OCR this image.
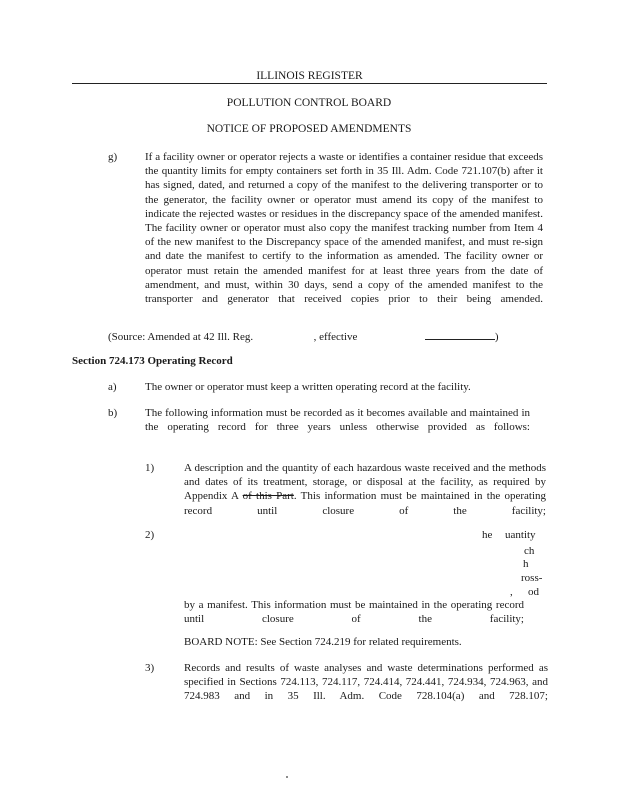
ILLINOIS REGISTER
POLLUTION CONTROL BOARD
NOTICE OF PROPOSED AMENDMENTS
g)	If a facility owner or operator rejects a waste or identifies a container residue that exceeds the quantity limits for empty containers set forth in 35 Ill. Adm. Code 721.107(b) after it has signed, dated, and returned a copy of the manifest to the delivering transporter or to the generator, the facility owner or operator must amend its copy of the manifest to indicate the rejected wastes or residues in the discrepancy space of the amended manifest. The facility owner or operator must also copy the manifest tracking number from Item 4 of the new manifest to the Discrepancy space of the amended manifest, and must re-sign and date the manifest to certify to the information as amended. The facility owner or operator must retain the amended manifest for at least three years from the date of amendment, and must, within 30 days, send a copy of the amended manifest to the transporter and generator that received copies prior to their being amended.
(Source: Amended at 42 Ill. Reg.	, effective	)
Section 724.173 Operating Record
a)	The owner or operator must keep a written operating record at the facility.
b)	The following information must be recorded as it becomes available and maintained in the operating record for three years unless otherwise provided as follows:
1)	A description and the quantity of each hazardous waste received and the methods and dates of its treatment, storage, or disposal at the facility, as required by Appendix A of this Part. This information must be maintained in the operating record until closure of the facility;
2)	he uantity
ch
h
ross-
, od
by a manifest. This information must be maintained in the operating record until closure of the facility;
BOARD NOTE: See Section 724.219 for related requirements.
3)	Records and results of waste analyses and waste determinations performed as specified in Sections 724.113, 724.117, 724.414, 724.441, 724.934, 724.963, and 724.983 and in 35 Ill. Adm. Code 728.104(a) and 728.107;
